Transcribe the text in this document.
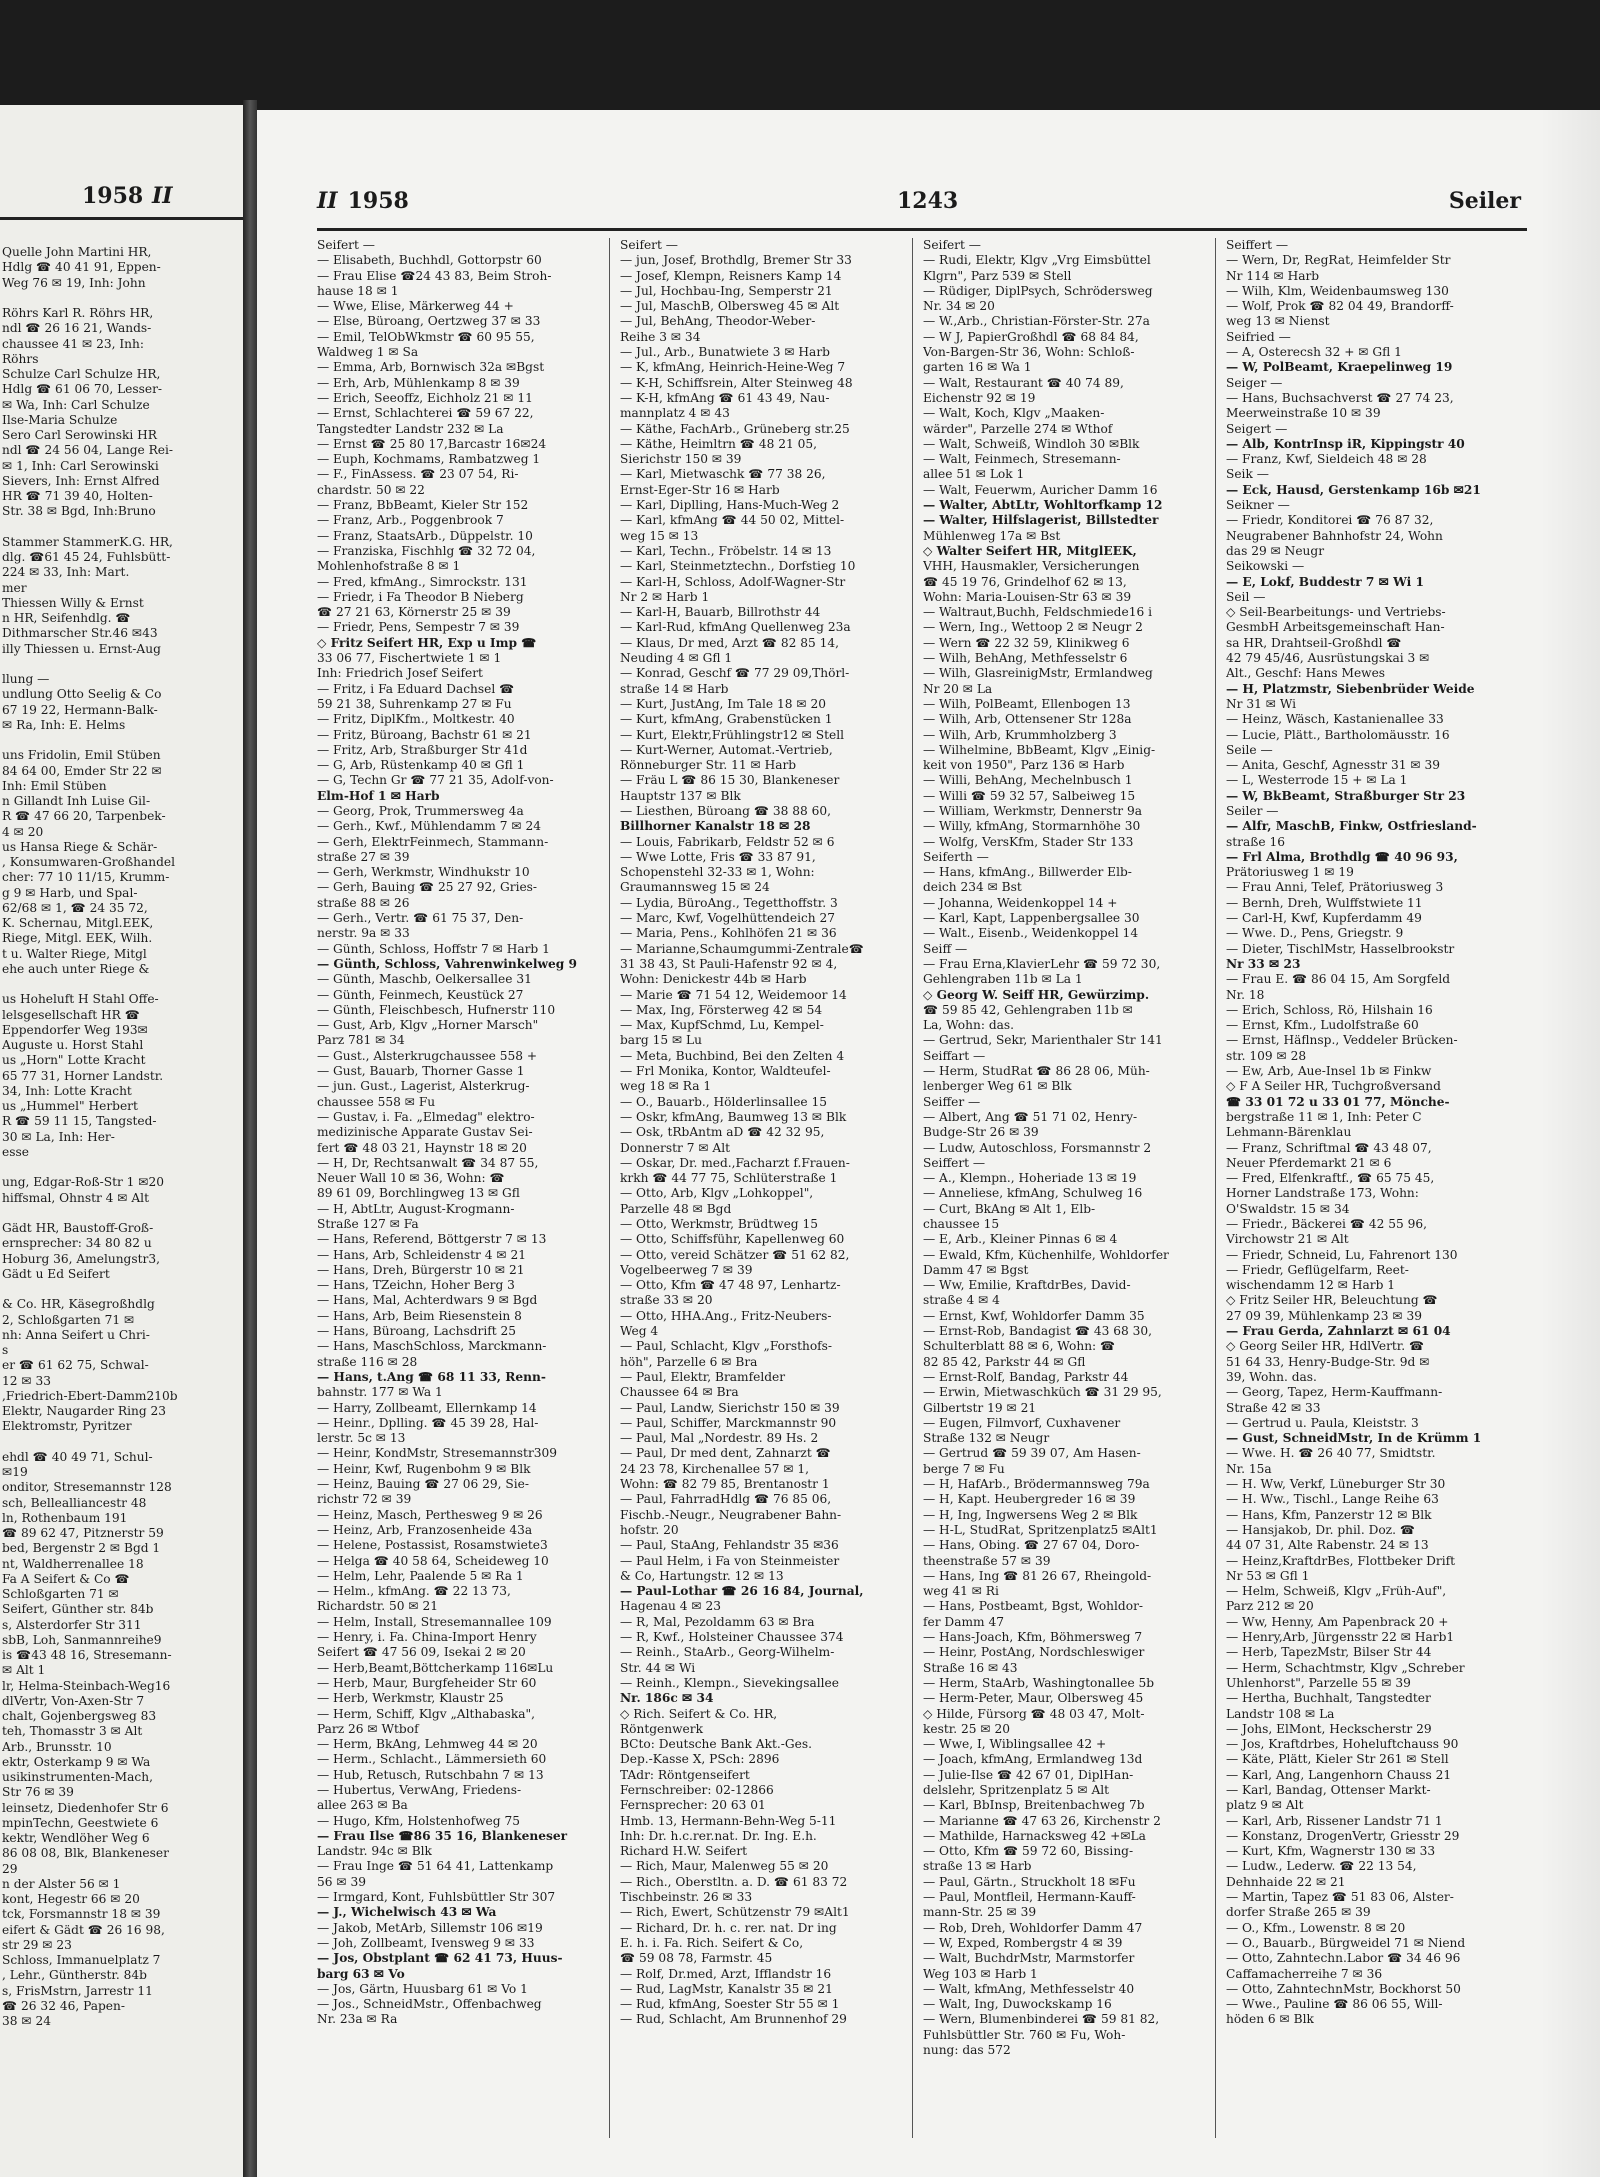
1958 II
Quelle John Martini HR,
Hdlg ☎ 40 41 91, Eppen-
Weg 76 ✉ 19, Inh: John

Röhrs Karl R. Röhrs HR,
ndl ☎ 26 16 21, Wands-
chaussee 41 ✉ 23, Inh:
Röhrs
Schulze Carl Schulze HR,
Hdlg ☎ 61 06 70, Lesser-
✉ Wa, Inh: Carl Schulze
Ilse-Maria Schulze
Sero Carl Serowinski HR
ndl ☎ 24 56 04, Lange Rei-
✉ 1, Inh: Carl Serowinski
Sievers, Inh: Ernst Alfred
HR ☎ 71 39 40, Holten-
Str. 38 ✉ Bgd, Inh:Bruno

Stammer StammerK.G. HR,
dlg. ☎61 45 24, Fuhlsbütt-
224 ✉ 33, Inh: Mart.
mer
Thiessen Willy & Ernst
n HR, Seifenhdlg. ☎
Dithmarscher Str.46 ✉43
illy Thiessen u. Ernst-Aug

llung —
undlung Otto Seelig & Co
67 19 22, Hermann-Balk-
✉ Ra, Inh: E. Helms

uns Fridolin, Emil Stüben
84 64 00, Emder Str 22 ✉
Inh: Emil Stüben
n Gillandt Inh Luise Gil-
R ☎ 47 66 20, Tarpenbek-
4 ✉ 20
us Hansa Riege & Schär-
, Konsumwaren-Großhandel
cher: 77 10 11/15, Krumm-
g 9 ✉ Harb, und Spal-
62/68 ✉ 1, ☎ 24 35 72,
K. Schernau, Mitgl.EEK,
Riege, Mitgl. EEK, Wilh.
t u. Walter Riege, Mitgl
ehe auch unter Riege &

us Hoheluft H Stahl Offe-
lelsgesellschaft HR ☎
Eppendorfer Weg 193✉
Auguste u. Horst Stahl
us „Horn" Lotte Kracht
65 77 31, Horner Landstr.
34, Inh: Lotte Kracht
us „Hummel" Herbert
R ☎ 59 11 15, Tangsted-
30 ✉ La, Inh: Her-
esse

ung, Edgar-Roß-Str 1 ✉20
hiffsmal, Ohnstr 4 ✉ Alt

Gädt HR, Baustoff-Groß-
ernsprecher: 34 80 82 u
Hoburg 36, Amelungstr3,
Gädt u Ed Seifert

& Co. HR, Käsegroßhdlg
2, Schloßgarten 71 ✉
nh: Anna Seifert u Chri-
s
er ☎ 61 62 75, Schwal-
12 ✉ 33
,Friedrich-Ebert-Damm210b
Elektr, Naugarder Ring 23
Elektromstr, Pyritzer

ehdl ☎ 40 49 71, Schul-
✉19
onditor, Stresemannstr 128
sch, Bellealliancestr 48
ln, Rothenbaum 191
☎ 89 62 47, Pitznerstr 59
bed, Bergenstr 2 ✉ Bgd 1
nt, Waldherrenallee 18
Fa A Seifert & Co ☎
Schloßgarten 71 ✉
Seifert, Günther str. 84b
s, Alsterdorfer Str 311
sbB, Loh, Sanmannreihe9
is ☎43 48 16, Stresemann-
✉ Alt 1
lr, Helma-Steinbach-Weg16
dlVertr, Von-Axen-Str 7
chalt, Gojenbergsweg 83
teh, Thomasstr 3 ✉ Alt
Arb., Brunsstr. 10
ektr, Osterkamp 9 ✉ Wa
usikinstrumenten-Mach,
Str 76 ✉ 39
leinsetz, Diedenhofer Str 6
mpinTechn, Geestwiete 6
kektr, Wendlöher Weg 6
86 08 08, Blk, Blankeneser
29
n der Alster 56 ✉ 1
kont, Hegestr 66 ✉ 20
tck, Forsmannstr 18 ✉ 39
eifert & Gädt ☎ 26 16 98,
str 29 ✉ 23
Schloss, Immanuelplatz 7
, Lehr., Güntherstr. 84b
s, FrisMstrn, Jarrestr 11
☎ 26 32 46, Papen-
38 ✉ 24
II 1958	1243	Seiler
Seifert —
— Elisabeth, Buchhdl, Gottorpstr 60
— Frau Elise ☎24 43 83, Beim Stroh-
hause 18 ✉ 1
— Wwe, Elise, Märkerweg 44 +
— Else, Büroang, Oertzweg 37 ✉ 33
— Emil, TelObWkmstr ☎ 60 95 55,
Waldweg 1 ✉ Sa
— Emma, Arb, Bornwisch 32a ✉Bgst
— Erh, Arb, Mühlenkamp 8 ✉ 39
— Erich, Seeoffz, Eichholz 21 ✉ 11
— Ernst, Schlachterei ☎ 59 67 22,
Tangstedter Landstr 232 ✉ La
— Ernst ☎ 25 80 17,Barcastr 16✉24
— Euph, Kochmams, Rambatzweg 1
— F., FinAssess. ☎ 23 07 54, Ri-
chardstr. 50 ✉ 22
— Franz, BbBeamt, Kieler Str 152
— Franz, Arb., Poggenbrook 7
— Franz, StaatsArb., Düppelstr. 10
— Franziska, Fischhlg ☎ 32 72 04,
Mohlenhofstraße 8 ✉ 1
— Fred, kfmAng., Simrockstr. 131
— Friedr, i Fa Theodor B Nieberg
☎ 27 21 63, Körnerstr 25 ✉ 39
— Friedr, Pens, Sempestr 7 ✉ 39
◇ Fritz Seifert HR, Exp u Imp ☎
33 06 77, Fischertwiete 1 ✉ 1
Inh: Friedrich Josef Seifert
— Fritz, i Fa Eduard Dachsel ☎
59 21 38, Suhrenkamp 27 ✉ Fu
— Fritz, DiplKfm., Moltkestr. 40
— Fritz, Büroang, Bachstr 61 ✉ 21
— Fritz, Arb, Straßburger Str 41d
— G, Arb, Rüstenkamp 40 ✉ Gfl 1
— G, Techn Gr ☎ 77 21 35, Adolf-von-
Elm-Hof 1 ✉ Harb
— Georg, Prok, Trummersweg 4a
— Gerh., Kwf., Mühlendamm 7 ✉ 24
— Gerh, ElektrFeinmech, Stammann-
straße 27 ✉ 39
— Gerh, Werkmstr, Windhukstr 10
— Gerh, Bauing ☎ 25 27 92, Gries-
straße 88 ✉ 26
— Gerh., Vertr. ☎ 61 75 37, Den-
nerstr. 9a ✉ 33
— Günth, Schloss, Hoffstr 7 ✉ Harb 1
— Günth, Schloss, Vahrenwinkelweg 9
— Günth, Maschb, Oelkersallee 31
— Günth, Feinmech, Keustück 27
— Günth, Fleischbesch, Hufnerstr 110
— Gust, Arb, Klgv „Horner Marsch"
Parz 781 ✉ 34
— Gust., Alsterkrugchaussee 558 +
— Gust, Bauarb, Thorner Gasse 1
— jun. Gust., Lagerist, Alsterkrug-
chaussee 558 ✉ Fu
— Gustav, i. Fa. „Elmedag" elektro-
medizinische Apparate Gustav Sei-
fert ☎ 48 03 21, Haynstr 18 ✉ 20
— H, Dr, Rechtsanwalt ☎ 34 87 55,
Neuer Wall 10 ✉ 36, Wohn: ☎
89 61 09, Borchlingweg 13 ✉ Gfl
— H, AbtLtr, August-Krogmann-
Straße 127 ✉ Fa
— Hans, Referend, Böttgerstr 7 ✉ 13
— Hans, Arb, Schleidenstr 4 ✉ 21
— Hans, Dreh, Bürgerstr 10 ✉ 21
— Hans, TZeichn, Hoher Berg 3
— Hans, Mal, Achterdwars 9 ✉ Bgd
— Hans, Arb, Beim Riesenstein 8
— Hans, Büroang, Lachsdrift 25
— Hans, MaschSchloss, Marckmann-
straße 116 ✉ 28
— Hans, t.Ang ☎ 68 11 33, Renn-
bahnstr. 177 ✉ Wa 1
— Harry, Zollbeamt, Ellernkamp 14
— Heinr., Dplling. ☎ 45 39 28, Hal-
lerstr. 5c ✉ 13
— Heinr, KondMstr, Stresemannstr309
— Heinr, Kwf, Rugenbohm 9 ✉ Blk
— Heinz, Bauing ☎ 27 06 29, Sie-
richstr 72 ✉ 39
— Heinz, Masch, Perthesweg 9 ✉ 26
— Heinz, Arb, Franzosenheide 43a
— Helene, Postassist, Rosamstwiete3
— Helga ☎ 40 58 64, Scheideweg 10
— Helm, Lehr, Paalende 5 ✉ Ra 1
— Helm., kfmAng. ☎ 22 13 73,
Richardstr. 50 ✉ 21
— Helm, Install, Stresemannallee 109
— Henry, i. Fa. China-Import Henry
Seifert ☎ 47 56 09, Isekai 2 ✉ 20
— Herb,Beamt,Böttcherkamp 116✉Lu
— Herb, Maur, Burgfeheider Str 60
— Herb, Werkmstr, Klaustr 25
— Herm, Schiff, Klgv „Althabaska",
Parz 26 ✉ Wtbof
— Herm, BkAng, Lehmweg 44 ✉ 20
— Herm., Schlacht., Lämmersieth 60
— Hub, Retusch, Rutschbahn 7 ✉ 13
— Hubertus, VerwAng, Friedens-
allee 263 ✉ Ba
— Hugo, Kfm, Holstenhofweg 75
— Frau Ilse ☎86 35 16, Blankeneser
Landstr. 94c ✉ Blk
— Frau Inge ☎ 51 64 41, Lattenkamp
56 ✉ 39
— Irmgard, Kont, Fuhlsbüttler Str 307
— J., Wichelwisch 43 ✉ Wa
— Jakob, MetArb, Sillemstr 106 ✉19
— Joh, Zollbeamt, Ivensweg 9 ✉ 33
— Jos, Obstplant ☎ 62 41 73, Huus-
barg 63 ✉ Vo
— Jos, Gärtn, Huusbarg 61 ✉ Vo 1
— Jos., SchneidMstr., Offenbachweg
Nr. 23a ✉ Ra
Seifert —
— jun, Josef, Brothdlg, Bremer Str 33
— Josef, Klempn, Reisners Kamp 14
— Jul, Hochbau-Ing, Semperstr 21
— Jul, MaschB, Olbersweg 45 ✉ Alt
— Jul, BehAng, Theodor-Weber-
Reihe 3 ✉ 34
— Jul., Arb., Bunatwiete 3 ✉ Harb
— K, kfmAng, Heinrich-Heine-Weg 7
— K-H, Schiffsrein, Alter Steinweg 48
— K-H, kfmAng ☎ 61 43 49, Nau-
mannplatz 4 ✉ 43
— Käthe, FachArb., Grüneberg str.25
— Käthe, Heimltrn ☎ 48 21 05,
Sierichstr 150 ✉ 39
— Karl, Mietwaschk ☎ 77 38 26,
Ernst-Eger-Str 16 ✉ Harb
— Karl, Diplling, Hans-Much-Weg 2
— Karl, kfmAng ☎ 44 50 02, Mittel-
weg 15 ✉ 13
— Karl, Techn., Fröbelstr. 14 ✉ 13
— Karl, Steinmetztechn., Dorfstieg 10
— Karl-H, Schloss, Adolf-Wagner-Str
Nr 2 ✉ Harb 1
— Karl-H, Bauarb, Billrothstr 44
— Karl-Rud, kfmAng Quellenweg 23a
— Klaus, Dr med, Arzt ☎ 82 85 14,
Neuding 4 ✉ Gfl 1
— Konrad, Geschf ☎ 77 29 09,Thörl-
straße 14 ✉ Harb
— Kurt, JustAng, Im Tale 18 ✉ 20
— Kurt, kfmAng, Grabenstücken 1
— Kurt, Elektr,Frühlingstr12 ✉ Stell
— Kurt-Werner, Automat.-Vertrieb,
Rönneburger Str. 11 ✉ Harb
— Fräu L ☎ 86 15 30, Blankeneser
Hauptstr 137 ✉ Blk
— Liesthen, Büroang ☎ 38 88 60,
Billhorner Kanalstr 18 ✉ 28
— Louis, Fabrikarb, Feldstr 52 ✉ 6
— Wwe Lotte, Fris ☎ 33 87 91,
Schopenstehl 32-33 ✉ 1, Wohn:
Graumannsweg 15 ✉ 24
— Lydia, BüroAng., Tegetthoffstr. 3
— Marc, Kwf, Vogelhüttendeich 27
— Maria, Pens., Kohlhöfen 21 ✉ 36
— Marianne,Schaumgummi-Zentrale☎
31 38 43, St Pauli-Hafenstr 92 ✉ 4,
Wohn: Denickestr 44b ✉ Harb
— Marie ☎ 71 54 12, Weidemoor 14
— Max, Ing, Försterweg 42 ✉ 54
— Max, KupfSchmd, Lu, Kempel-
barg 15 ✉ Lu
— Meta, Buchbind, Bei den Zelten 4
— Frl Monika, Kontor, Waldteufel-
weg 18 ✉ Ra 1
— O., Bauarb., Hölderlinsallee 15
— Oskr, kfmAng, Baumweg 13 ✉ Blk
— Osk, tRbAntm aD ☎ 42 32 95,
Donnerstr 7 ✉ Alt
— Oskar, Dr. med.,Facharzt f.Frauen-
krkh ☎ 44 77 75, Schlüterstraße 1
— Otto, Arb, Klgv „Lohkoppel",
Parzelle 48 ✉ Bgd
— Otto, Werkmstr, Brüdtweg 15
— Otto, Schiffsführ, Kapellenweg 60
— Otto, vereid Schätzer ☎ 51 62 82,
Vogelbeerweg 7 ✉ 39
— Otto, Kfm ☎ 47 48 97, Lenhartz-
straße 33 ✉ 20
— Otto, HHA.Ang., Fritz-Neubers-
Weg 4
— Paul, Schlacht, Klgv „Forsthofs-
höh", Parzelle 6 ✉ Bra
— Paul, Elektr, Bramfelder
Chaussee 64 ✉ Bra
— Paul, Landw, Sierichstr 150 ✉ 39
— Paul, Schiffer, Marckmannstr 90
— Paul, Mal „Nordestr. 89 Hs. 2
— Paul, Dr med dent, Zahnarzt ☎
24 23 78, Kirchenallee 57 ✉ 1,
Wohn: ☎ 82 79 85, Brentanostr 1
— Paul, FahrradHdlg ☎ 76 85 06,
Fischb.-Neugr., Neugrabener Bahn-
hofstr. 20
— Paul, StaAng, Fehlandstr 35 ✉36
— Paul Helm, i Fa von Steinmeister
& Co, Hartungstr. 12 ✉ 13
— Paul-Lothar ☎ 26 16 84, Journal,
Hagenau 4 ✉ 23
— R, Mal, Pezoldamm 63 ✉ Bra
— R, Kwf., Holsteiner Chaussee 374
— Reinh., StaArb., Georg-Wilhelm-
Str. 44 ✉ Wi
— Reinh., Klempn., Sievekingsallee
Nr. 186c ✉ 34
◇ Rich. Seifert & Co. HR,
Röntgenwerk
BCto: Deutsche Bank Akt.-Ges.
Dep.-Kasse X, PSch: 2896
TAdr: Röntgenseifert
Fernschreiber: 02-12866
Fernsprecher: 20 63 01
Hmb. 13, Hermann-Behn-Weg 5-11
Inh: Dr. h.c.rer.nat. Dr. Ing. E.h.
Richard H.W. Seifert
— Rich, Maur, Malenweg 55 ✉ 20
— Rich., Oberstltn. a. D. ☎ 61 83 72
Tischbeinstr. 26 ✉ 33
— Rich, Ewert, Schützenstr 79 ✉Alt1
— Richard, Dr. h. c. rer. nat. Dr ing
E. h. i. Fa. Rich. Seifert & Co,
☎ 59 08 78, Farmstr. 45
— Rolf, Dr.med, Arzt, Ifflandstr 16
— Rud, LagMstr, Kanalstr 35 ✉ 21
— Rud, kfmAng, Soester Str 55 ✉ 1
— Rud, Schlacht, Am Brunnenhof 29
Seifert —
— Rudi, Elektr, Klgv „Vrg Eimsbüttel
Klgrn", Parz 539 ✉ Stell
— Rüdiger, DiplPsych, Schrödersweg
Nr. 34 ✉ 20
— W.,Arb., Christian-Förster-Str. 27a
— W J, PapierGroßhdl ☎ 68 84 84,
Von-Bargen-Str 36, Wohn: Schloß-
garten 16 ✉ Wa 1
— Walt, Restaurant ☎ 40 74 89,
Eichenstr 92 ✉ 19
— Walt, Koch, Klgv „Maaken-
wärder", Parzelle 274 ✉ Wthof
— Walt, Schweiß, Windloh 30 ✉Blk
— Walt, Feinmech, Stresemann-
allee 51 ✉ Lok 1
— Walt, Feuerwm, Auricher Damm 16
— Walter, AbtLtr, Wohltorfkamp 12
— Walter, Hilfslagerist, Billstedter
Mühlenweg 17a ✉ Bst
◇ Walter Seifert HR, MitglEEK,
VHH, Hausmakler, Versicherungen
☎ 45 19 76, Grindelhof 62 ✉ 13,
Wohn: Maria-Louisen-Str 63 ✉ 39
— Waltraut,Buchh, Feldschmiede16 i
— Wern, Ing., Wettoop 2 ✉ Neugr 2
— Wern ☎ 22 32 59, Klinikweg 6
— Wilh, BehAng, Methfesselstr 6
— Wilh, GlasreinigMstr, Ermlandweg
Nr 20 ✉ La
— Wilh, PolBeamt, Ellenbogen 13
— Wilh, Arb, Ottensener Str 128a
— Wilh, Arb, Krummholzberg 3
— Wilhelmine, BbBeamt, Klgv „Einig-
keit von 1950", Parz 136 ✉ Harb
— Willi, BehAng, Mechelnbusch 1
— Willi ☎ 59 32 57, Salbeiweg 15
— William, Werkmstr, Dennerstr 9a
— Willy, kfmAng, Stormarnhöhe 30
— Wolfg, VersKfm, Stader Str 133
Seiferth —
— Hans, kfmAng., Billwerder Elb-
deich 234 ✉ Bst
— Johanna, Weidenkoppel 14 +
— Karl, Kapt, Lappenbergsallee 30
— Walt., Eisenb., Weidenkoppel 14
Seiff —
— Frau Erna,KlavierLehr ☎ 59 72 30,
Gehlengraben 11b ✉ La 1
◇ Georg W. Seiff HR, Gewürzimp.
☎ 59 85 42, Gehlengraben 11b ✉
La, Wohn: das.
— Gertrud, Sekr, Marienthaler Str 141
Seiffart —
— Herm, StudRat ☎ 86 28 06, Müh-
lenberger Weg 61 ✉ Blk
Seiffer —
— Albert, Ang ☎ 51 71 02, Henry-
Budge-Str 26 ✉ 39
— Ludw, Autoschloss, Forsmannstr 2
Seiffert —
— A., Klempn., Hoheriade 13 ✉ 19
— Anneliese, kfmAng, Schulweg 16
— Curt, BkAng ✉ Alt 1, Elb-
chaussee 15
— E, Arb., Kleiner Pinnas 6 ✉ 4
— Ewald, Kfm, Küchenhilfe, Wohldorfer
Damm 47 ✉ Bgst
— Ww, Emilie, KraftdrBes, David-
straße 4 ✉ 4
— Ernst, Kwf, Wohldorfer Damm 35
— Ernst-Rob, Bandagist ☎ 43 68 30,
Schulterblatt 88 ✉ 6, Wohn: ☎
82 85 42, Parkstr 44 ✉ Gfl
— Ernst-Rolf, Bandag, Parkstr 44
— Erwin, Mietwaschküch ☎ 31 29 95,
Gilbertstr 19 ✉ 21
— Eugen, Filmvorf, Cuxhavener
Straße 132 ✉ Neugr
— Gertrud ☎ 59 39 07, Am Hasen-
berge 7 ✉ Fu
— H, HafArb., Brödermannsweg 79a
— H, Kapt. Heubergreder 16 ✉ 39
— H, Ing, Ingwersens Weg 2 ✉ Blk
— H-L, StudRat, Spritzenplatz5 ✉Alt1
— Hans, Obing. ☎ 27 67 04, Doro-
theenstraße 57 ✉ 39
— Hans, Ing ☎ 81 26 67, Rheingold-
weg 41 ✉ Ri
— Hans, Postbeamt, Bgst, Wohldor-
fer Damm 47
— Hans-Joach, Kfm, Böhmersweg 7
— Heinr, PostAng, Nordschleswiger
Straße 16 ✉ 43
— Herm, StaArb, Washingtonallee 5b
— Herm-Peter, Maur, Olbersweg 45
◇ Hilde, Fürsorg ☎ 48 03 47, Molt-
kestr. 25 ✉ 20
— Wwe, I, Wiblingsallee 42 +
— Joach, kfmAng, Ermlandweg 13d
— Julie-Ilse ☎ 42 67 01, DiplHan-
delslehr, Spritzenplatz 5 ✉ Alt
— Karl, BbInsp, Breitenbachweg 7b
— Marianne ☎ 47 63 26, Kirchenstr 2
— Mathilde, Harnacksweg 42 +✉La
— Otto, Kfm ☎ 59 72 60, Bissing-
straße 13 ✉ Harb
— Paul, Gärtn., Struckholt 18 ✉Fu
— Paul, Montfleil, Hermann-Kauff-
mann-Str. 25 ✉ 39
— Rob, Dreh, Wohldorfer Damm 47
— W, Exped, Rombergstr 4 ✉ 39
— Walt, BuchdrMstr, Marmstorfer
Weg 103 ✉ Harb 1
— Walt, kfmAng, Methfesselstr 40
— Walt, Ing, Duwockskamp 16
— Wern, Blumenbinderei ☎ 59 81 82,
Fuhlsbüttler Str. 760 ✉ Fu, Woh-
nung: das 572
Seiffert —
— Wern, Dr, RegRat, Heimfelder Str
Nr 114 ✉ Harb
— Wilh, Klm, Weidenbaumsweg 130
— Wolf, Prok ☎ 82 04 49, Brandorff-
weg 13 ✉ Nienst
Seifried —
— A, Osterecsh 32 + ✉ Gfl 1
— W, PolBeamt, Kraepelinweg 19
Seiger —
— Hans, Buchsachverst ☎ 27 74 23,
Meerweinstraße 10 ✉ 39
Seigert —
— Alb, KontrInsp iR, Kippingstr 40
— Franz, Kwf, Sieldeich 48 ✉ 28
Seik —
— Eck, Hausd, Gerstenkamp 16b ✉21
Seikner —
— Friedr, Konditorei ☎ 76 87 32,
Neugrabener Bahnhofstr 24, Wohn
das 29 ✉ Neugr
Seikowski —
— E, Lokf, Buddestr 7 ✉ Wi 1
Seil —
◇ Seil-Bearbeitungs- und Vertriebs-
GesmbH Arbeitsgemeinschaft Han-
sa HR, Drahtseil-Großhdl ☎
42 79 45/46, Ausrüstungskai 3 ✉
Alt., Geschf: Hans Mewes
— H, Platzmstr, Siebenbrüder Weide
Nr 31 ✉ Wi
— Heinz, Wäsch, Kastanienallee 33
— Lucie, Plätt., Bartholomäusstr. 16
Seile —
— Anita, Geschf, Agnesstr 31 ✉ 39
— L, Westerrode 15 + ✉ La 1
— W, BkBeamt, Straßburger Str 23
Seiler —
— Alfr, MaschB, Finkw, Ostfriesland-
straße 16
— Frl Alma, Brothdlg ☎ 40 96 93,
Prätoriusweg 1 ✉ 19
— Frau Anni, Telef, Prätoriusweg 3
— Bernh, Dreh, Wulffstwiete 11
— Carl-H, Kwf, Kupferdamm 49
— Wwe. D., Pens, Griegstr. 9
— Dieter, TischlMstr, Hasselbrookstr
Nr 33 ✉ 23
— Frau E. ☎ 86 04 15, Am Sorgfeld
Nr. 18
— Erich, Schloss, Rö, Hilshain 16
— Ernst, Kfm., Ludolfstraße 60
— Ernst, Häflnsp., Veddeler Brücken-
str. 109 ✉ 28
— Ew, Arb, Aue-Insel 1b ✉ Finkw
◇ F A Seiler HR, Tuchgroßversand
☎ 33 01 72 u 33 01 77, Mönche-
bergstraße 11 ✉ 1, Inh: Peter C
Lehmann-Bärenklau
— Franz, Schriftmal ☎ 43 48 07,
Neuer Pferdemarkt 21 ✉ 6
— Fred, Elfenkraftf., ☎ 65 75 45,
Horner Landstraße 173, Wohn:
O'Swaldstr. 15 ✉ 34
— Friedr., Bäckerei ☎ 42 55 96,
Virchowstr 21 ✉ Alt
— Friedr, Schneid, Lu, Fahrenort 130
— Friedr, Geflügelfarm, Reet-
wischendamm 12 ✉ Harb 1
◇ Fritz Seiler HR, Beleuchtung ☎
27 09 39, Mühlenkamp 23 ✉ 39
— Frau Gerda, Zahnlarzt ✉ 61 04
◇ Georg Seiler HR, HdlVertr. ☎
51 64 33, Henry-Budge-Str. 9d ✉
39, Wohn. das.
— Georg, Tapez, Herm-Kauffmann-
Straße 42 ✉ 33
— Gertrud u. Paula, Kleiststr. 3
— Gust, SchneidMstr, In de Krümm 1
— Wwe. H. ☎ 26 40 77, Smidtstr.
Nr. 15a
— H. Ww, Verkf, Lüneburger Str 30
— H. Ww., Tischl., Lange Reihe 63
— Hans, Kfm, Panzerstr 12 ✉ Blk
— Hansjakob, Dr. phil. Doz. ☎
44 07 31, Alte Rabenstr. 24 ✉ 13
— Heinz,KraftdrBes, Flottbeker Drift
Nr 53 ✉ Gfl 1
— Helm, Schweiß, Klgv „Früh-Auf",
Parz 212 ✉ 20
— Ww, Henny, Am Papenbrack 20 +
— Henry,Arb, Jürgensstr 22 ✉ Harb1
— Herb, TapezMstr, Bilser Str 44
— Herm, Schachtmstr, Klgv „Schreber
Uhlenhorst", Parzelle 55 ✉ 39
— Hertha, Buchhalt, Tangstedter
Landstr 108 ✉ La
— Johs, ElMont, Heckscherstr 29
— Jos, Kraftdrbes, Hoheluftchauss 90
— Käte, Plätt, Kieler Str 261 ✉ Stell
— Karl, Ang, Langenhorn Chauss 21
— Karl, Bandag, Ottenser Markt-
platz 9 ✉ Alt
— Karl, Arb, Rissener Landstr 71 1
— Konstanz, DrogenVertr, Griesstr 29
— Kurt, Kfm, Wagnerstr 130 ✉ 33
— Ludw., Lederw. ☎ 22 13 54,
Dehnhaide 22 ✉ 21
— Martin, Tapez ☎ 51 83 06, Alster-
dorfer Straße 265 ✉ 39
— O., Kfm., Lowenstr. 8 ✉ 20
— O., Bauarb., Bürgweidel 71 ✉ Niend
— Otto, Zahntechn.Labor ☎ 34 46 96
Caffamacherreihe 7 ✉ 36
— Otto, ZahntechnMstr, Bockhorst 50
— Wwe., Pauline ☎ 86 06 55, Will-
höden 6 ✉ Blk
